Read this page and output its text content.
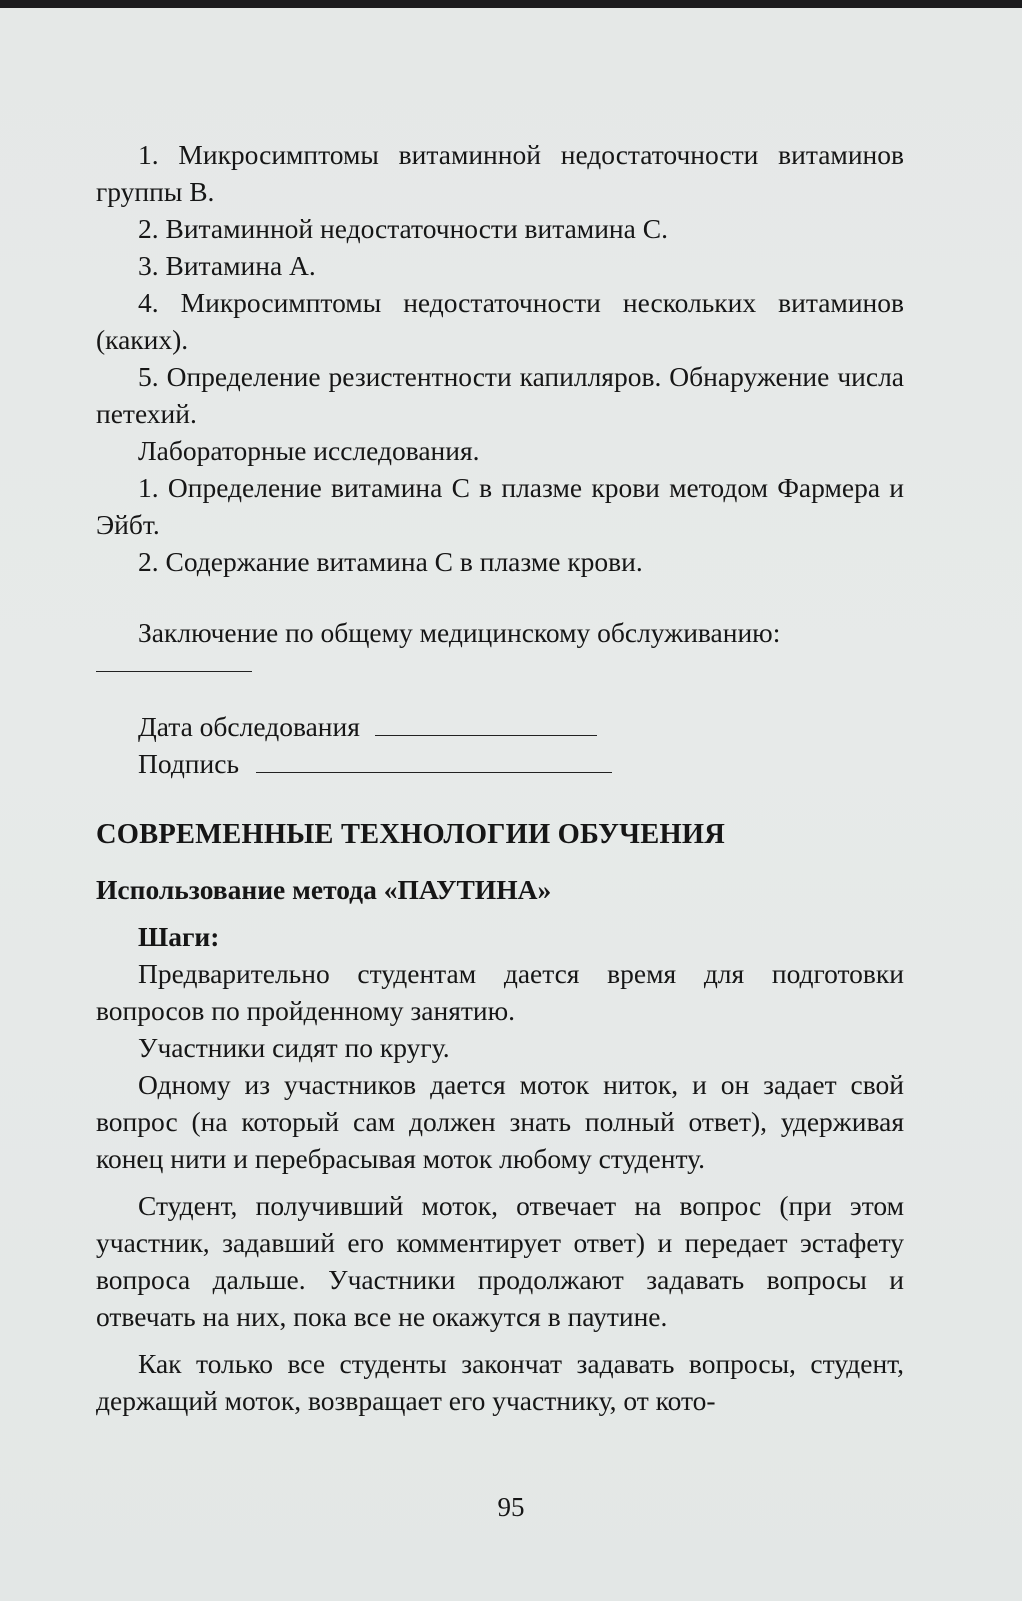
1. Микросимптомы витаминной недостаточности витаминов группы В.

2. Витаминной недостаточности витамина С.

3. Витамина А.

4. Микросимптомы недостаточности нескольких витаминов (каких).

5. Определение резистентности капилляров. Обнаружение числа петехий.

Лабораторные исследования.

1. Определение витамина С в плазме крови методом Фармера и Эйбт.

2. Содержание витамина С в плазме крови.

Заключение по общему медицинскому обслуживанию:

Дата обследования

Подпись

СОВРЕМЕННЫЕ ТЕХНОЛОГИИ ОБУЧЕНИЯ

Использование метода «ПАУТИНА»

Шаги:

Предварительно студентам дается время для подготовки вопросов по пройденному занятию.

Участники сидят по кругу.

Одному из участников дается моток ниток, и он задает свой вопрос (на который сам должен знать полный ответ), удерживая конец нити и перебрасывая моток любому студенту.

Студент, получивший моток, отвечает на вопрос (при этом участник, задавший его комментирует ответ) и передает эстафету вопроса дальше. Участники продолжают задавать вопросы и отвечать на них, пока все не окажутся в паутине.

Как только все студенты закончат задавать вопросы, студент, держащий моток, возвращает его участнику, от кото-

95
